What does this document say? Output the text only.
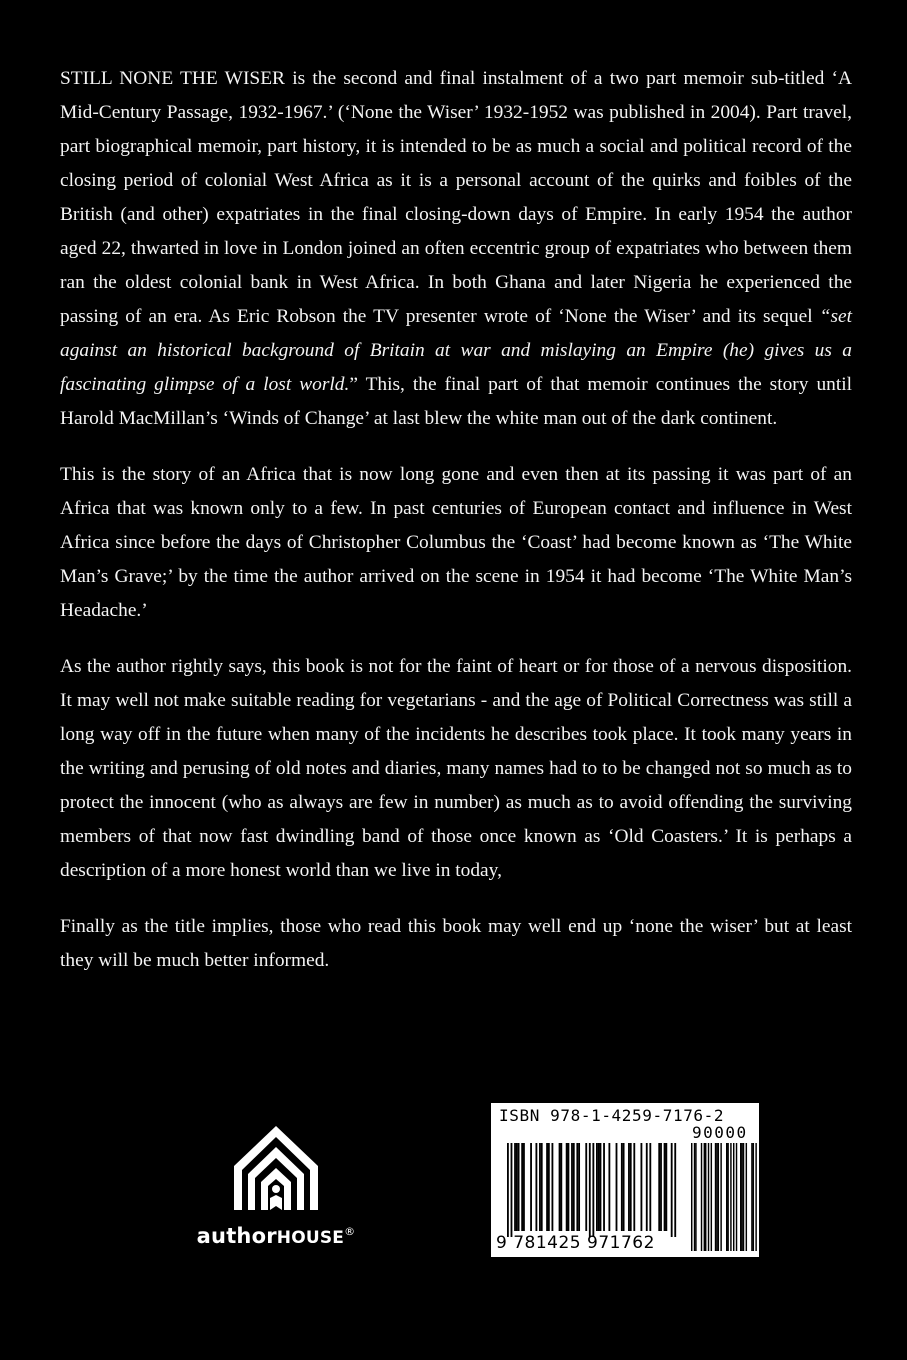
STILL NONE THE WISER is the second and final instalment of a two part memoir sub-titled ‘A Mid-Century Passage, 1932-1967.’ (‘None the Wiser’ 1932-1952 was published in 2004). Part travel, part biographical memoir, part history, it is intended to be as much a social and political record of the closing period of colonial West Africa as it is a personal account of the quirks and foibles of the British (and other) expatriates in the final closing-down days of Empire. In early 1954 the author aged 22, thwarted in love in London joined an often eccentric group of expatriates who between them ran the oldest colonial bank in West Africa. In both Ghana and later Nigeria he experienced the passing of an era. As Eric Robson the TV presenter wrote of ‘None the Wiser’ and its sequel “set against an historical background of Britain at war and mislaying an Empire (he) gives us a fascinating glimpse of a lost world.” This, the final part of that memoir continues the story until Harold MacMillan’s ‘Winds of Change’ at last blew the white man out of the dark continent.

This is the story of an Africa that is now long gone and even then at its passing it was part of an Africa that was known only to a few. In past centuries of European contact and influence in West Africa since before the days of Christopher Columbus the ‘Coast’ had become known as ‘The White Man’s Grave;’ by the time the author arrived on the scene in 1954 it had become ‘The White Man’s Headache.’

As the author rightly says, this book is not for the faint of heart or for those of a nervous disposition. It may well not make suitable reading for vegetarians - and the age of Political Correctness was still a long way off in the future when many of the incidents he describes took place. It took many years in the writing and perusing of old notes and diaries, many names had to to be changed not so much as to protect the innocent (who as always are few in number) as much as to avoid offending the surviving members of that now fast dwindling band of those once known as ‘Old Coasters.’ It is perhaps a description of a more honest world than we live in today,

Finally as the title implies, those who read this book may well end up ‘none the wiser’ but at least they will be much better informed.

authorHOUSE®
ISBN 978-1-4259-7176-2
90000
9 781425 971762
